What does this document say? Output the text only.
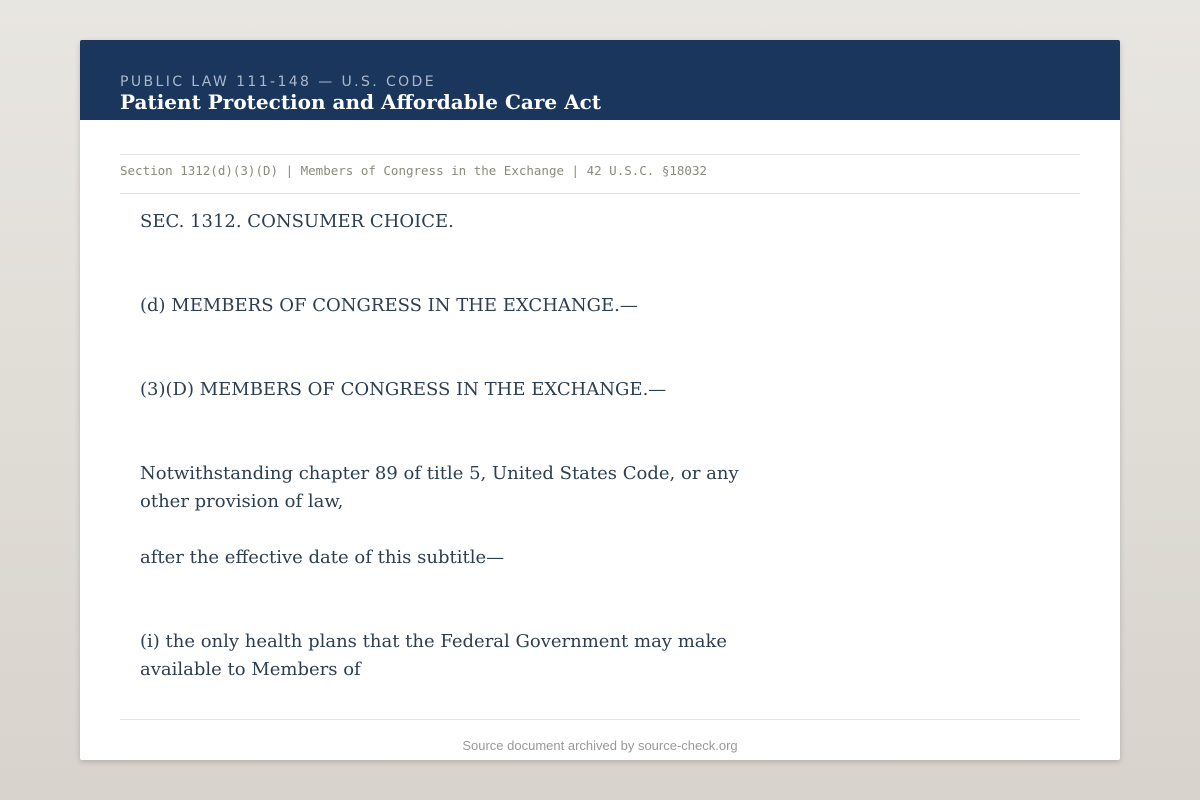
PUBLIC LAW 111-148 — U.S. CODE
Patient Protection and Affordable Care Act
Section 1312(d)(3)(D) | Members of Congress in the Exchange | 42 U.S.C. §18032
SEC. 1312. CONSUMER CHOICE.
(d) MEMBERS OF CONGRESS IN THE EXCHANGE.—
(3)(D) MEMBERS OF CONGRESS IN THE EXCHANGE.—
Notwithstanding chapter 89 of title 5, United States Code, or any other provision of law,
after the effective date of this subtitle—
(i) the only health plans that the Federal Government may make available to Members of
Source document archived by source-check.org
